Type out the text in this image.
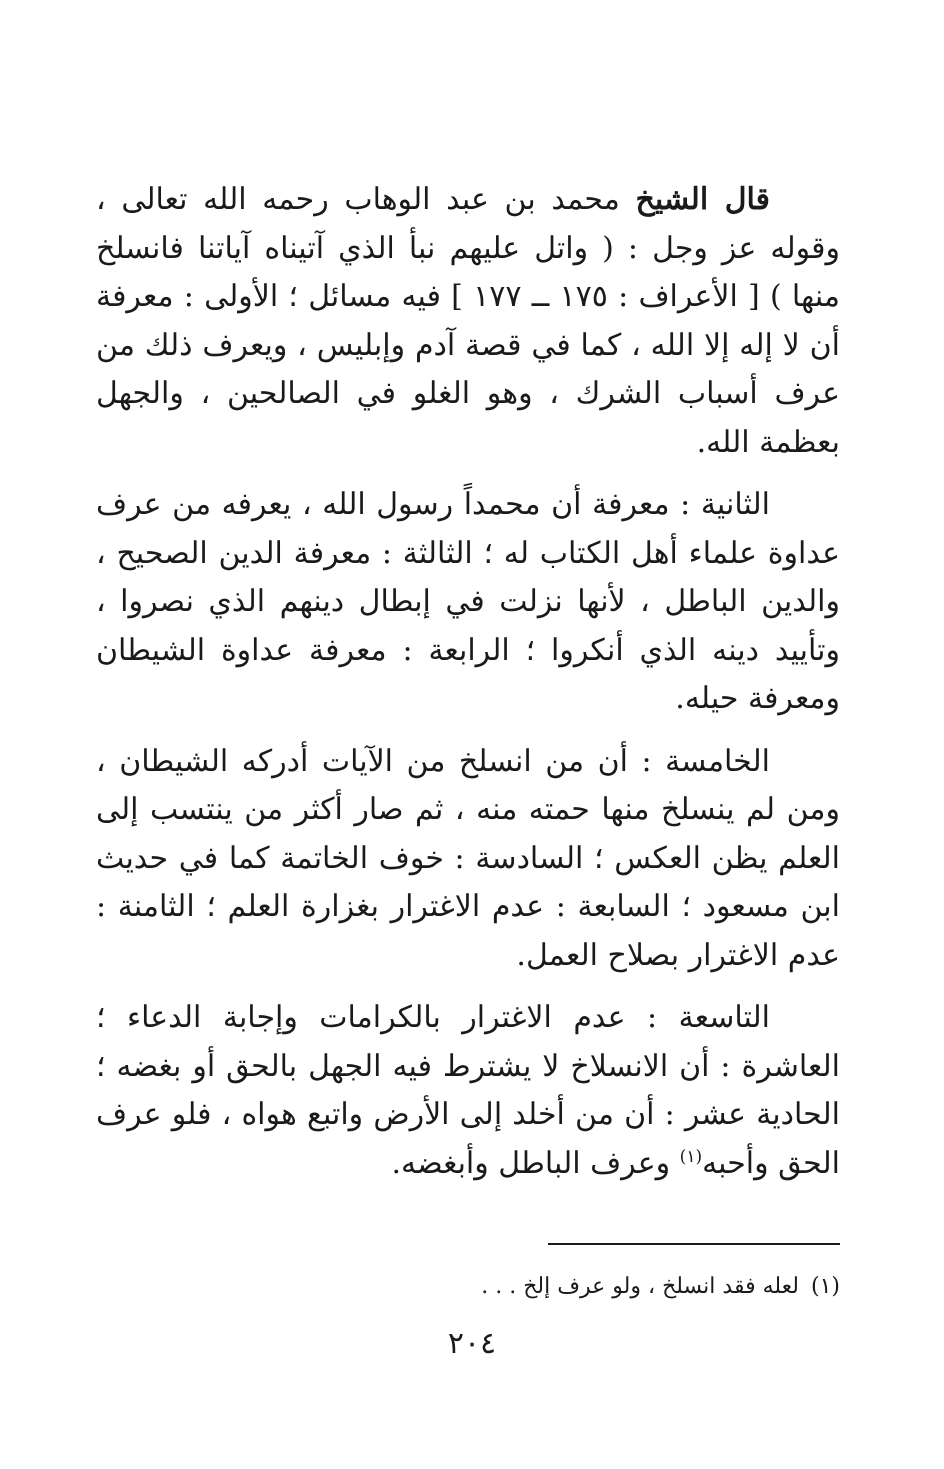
قال الشيخ محمد بن عبد الوهاب رحمه الله تعالى ، وقوله عز وجل : ( واتل عليهم نبأ الذي آتيناه آياتنا فانسلخ منها ) [ الأعراف : ١٧٥ ــ ١٧٧ ] فيه مسائل ؛ الأولى : معرفة أن لا إله إلا الله ، كما في قصة آدم وإبليس ، ويعرف ذلك من عرف أسباب الشرك ، وهو الغلو في الصالحين ، والجهل بعظمة الله.

الثانية : معرفة أن محمداً رسول الله ، يعرفه من عرف عداوة علماء أهل الكتاب له ؛ الثالثة : معرفة الدين الصحيح ، والدين الباطل ، لأنها نزلت في إبطال دينهم الذي نصروا ، وتأييد دينه الذي أنكروا ؛ الرابعة : معرفة عداوة الشيطان ومعرفة حيله.

الخامسة : أن من انسلخ من الآيات أدركه الشيطان ، ومن لم ينسلخ منها حمته منه ، ثم صار أكثر من ينتسب إلى العلم يظن العكس ؛ السادسة : خوف الخاتمة كما في حديث ابن مسعود ؛ السابعة : عدم الاغترار بغزارة العلم ؛ الثامنة : عدم الاغترار بصلاح العمل.

التاسعة : عدم الاغترار بالكرامات وإجابة الدعاء ؛ العاشرة : أن الانسلاخ لا يشترط فيه الجهل بالحق أو بغضه ؛ الحادية عشر : أن من أخلد إلى الأرض واتبع هواه ، فلو عرف الحق وأحبه$^{(١)}$ وعرف الباطل وأبغضه.

(١)لعله فقد انسلخ ، ولو عرف إلخ . . .
٢٠٤
